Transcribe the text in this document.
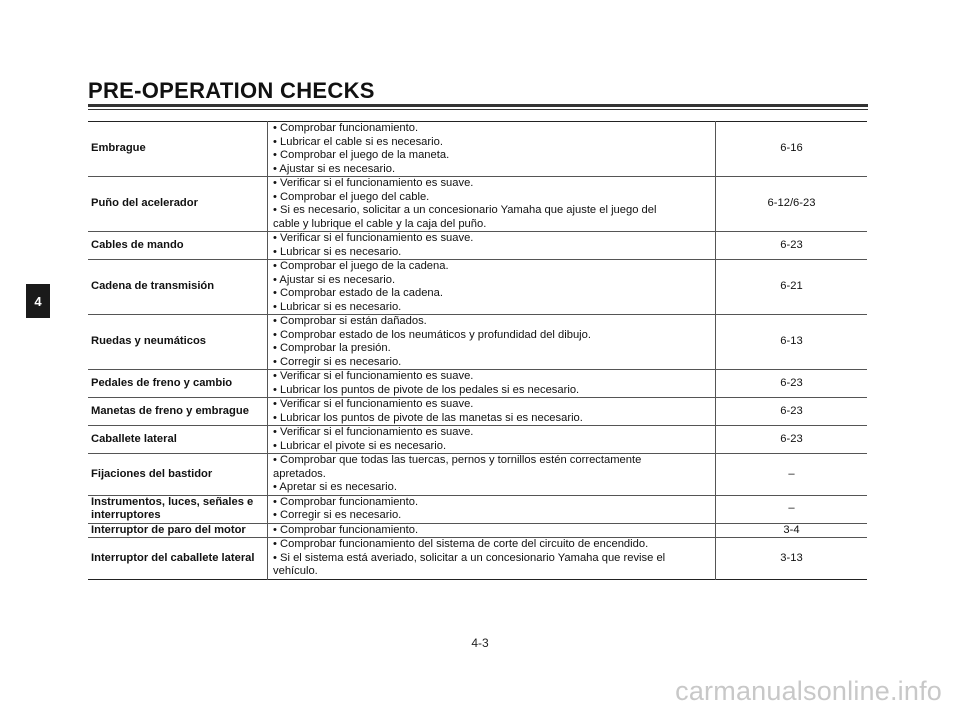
PRE-OPERATION CHECKS
4
Embrague	• Comprobar funcionamiento.
• Lubricar el cable si es necesario.
• Comprobar el juego de la maneta.
• Ajustar si es necesario.	6-16
Puño del acelerador	• Verificar si el funcionamiento es suave.
• Comprobar el juego del cable.
• Si es necesario, solicitar a un concesionario Yamaha que ajuste el juego del
cable y lubrique el cable y la caja del puño.	6-12/6-23
Cables de mando	• Verificar si el funcionamiento es suave.
• Lubricar si es necesario.	6-23
Cadena de transmisión	• Comprobar el juego de la cadena.
• Ajustar si es necesario.
• Comprobar estado de la cadena.
• Lubricar si es necesario.	6-21
Ruedas y neumáticos	• Comprobar si están dañados.
• Comprobar estado de los neumáticos y profundidad del dibujo.
• Comprobar la presión.
• Corregir si es necesario.	6-13
Pedales de freno y cambio	• Verificar si el funcionamiento es suave.
• Lubricar los puntos de pivote de los pedales si es necesario.	6-23
Manetas de freno y embrague	• Verificar si el funcionamiento es suave.
• Lubricar los puntos de pivote de las manetas si es necesario.	6-23
Caballete lateral	• Verificar si el funcionamiento es suave.
• Lubricar el pivote si es necesario.	6-23
Fijaciones del bastidor	• Comprobar que todas las tuercas, pernos y tornillos estén correctamente
apretados.
• Apretar si es necesario.	–
Instrumentos, luces, señales e interruptores	• Comprobar funcionamiento.
• Corregir si es necesario.	–
Interruptor de paro del motor	• Comprobar funcionamiento.	3-4
Interruptor del caballete lateral	• Comprobar funcionamiento del sistema de corte del circuito de encendido.
• Si el sistema está averiado, solicitar a un concesionario Yamaha que revise el
vehículo.	3-13
4-3
carmanualsonline.info
